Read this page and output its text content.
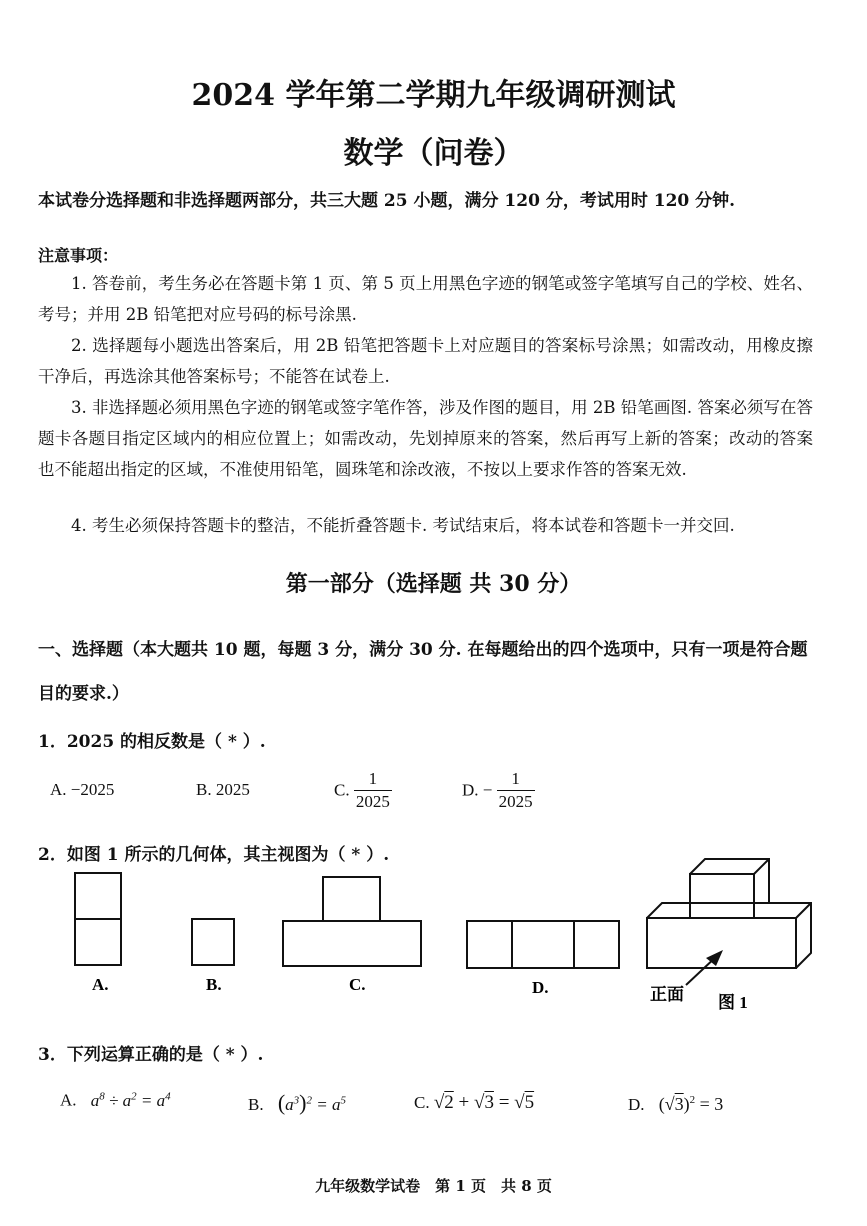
2024 学年第二学期九年级调研测试
数学（问卷）
本试卷分选择题和非选择题两部分，共三大题 25 小题，满分 120 分，考试用时 120 分钟.
注意事项：
1. 答卷前，考生务必在答题卡第 1 页、第 5 页上用黑色字迹的钢笔或签字笔填写自己的学校、姓名、考号；并用 2B 铅笔把对应号码的标号涂黑.
2. 选择题每小题选出答案后，用 2B 铅笔把答题卡上对应题目的答案标号涂黑；如需改动，用橡皮擦干净后，再选涂其他答案标号；不能答在试卷上.
3. 非选择题必须用黑色字迹的钢笔或签字笔作答，涉及作图的题目，用 2B 铅笔画图. 答案必须写在答题卡各题目指定区域内的相应位置上；如需改动，先划掉原来的答案，然后再写上新的答案；改动的答案也不能超出指定的区域，不准使用铅笔，圆珠笔和涂改液，不按以上要求作答的答案无效.
4. 考生必须保持答题卡的整洁，不能折叠答题卡. 考试结束后，将本试卷和答题卡一并交回.
第一部分（选择题 共 30 分）
一、选择题（本大题共 10 题，每题 3 分，满分 30 分. 在每题给出的四个选项中，只有一项是符合题目的要求.）
1．2025 的相反数是（ * ）.
A. −2025	B. 2025	C. $\frac{1}{2025}$	D. − $\frac{1}{2025}$
2．如图 1 所示的几何体，其主视图为（ * ）.
A.	B.	C.	D.	正面 图 1
3．下列运算正确的是（ * ）.
A. $a^8 \div a^2 = a^4$	B. $(a^3)^2 = a^5$	C. √2 + √3 = √5	D. $(√3)^2 = 3$
九年级数学试卷　第 1 页　共 8 页
